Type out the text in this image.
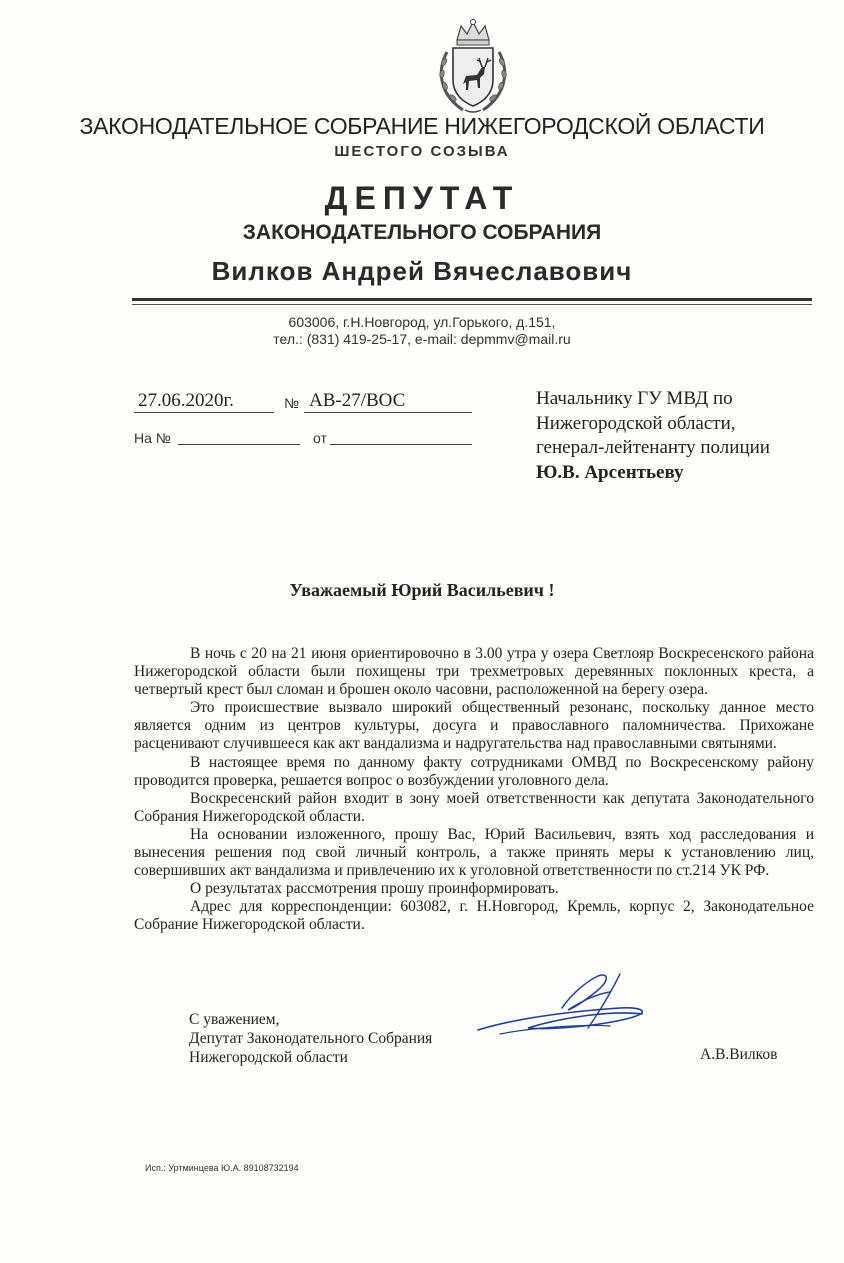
ЗАКОНОДАТЕЛЬНОЕ СОБРАНИЕ НИЖЕГОРОДСКОЙ ОБЛАСТИ
ШЕСТОГО СОЗЫВА
ДЕПУТАТ
ЗАКОНОДАТЕЛЬНОГО СОБРАНИЯ
Вилков Андрей Вячеславович
603006, г.Н.Новгород, ул.Горького, д.151,
тел.: (831) 419-25-17, e-mail: depmmv@mail.ru
27.06.2020г.	№ АВ-27/ВОС
На №	от
Начальнику ГУ МВД по
Нижегородской области,
генерал-лейтенанту полиции
Ю.В. Арсентьеву
Уважаемый Юрий Васильевич !

В ночь с 20 на 21 июня ориентировочно в 3.00 утра у озера Светлояр Воскресенского района Нижегородской области были похищены три трехметровых деревянных поклонных креста, а четвертый крест был сломан и брошен около часовни, расположенной на берегу озера.

Это происшествие вызвало широкий общественный резонанс, поскольку данное место является одним из центров культуры, досуга и православного паломничества. Прихожане расценивают случившееся как акт вандализма и надругательства над православными святынями.

В настоящее время по данному факту сотрудниками ОМВД по Воскресенскому району проводится проверка, решается вопрос о возбуждении уголовного дела.

Воскресенский район входит в зону моей ответственности как депутата Законодательного Собрания Нижегородской области.

На основании изложенного, прошу Вас, Юрий Васильевич, взять ход расследования и вынесения решения под свой личный контроль, а также принять меры к установлению лиц, совершивших акт вандализма и привлечению их к уголовной ответственности по ст.214 УК РФ.

О результатах рассмотрения прошу проинформировать.

Адрес для корреспонденции: 603082, г. Н.Новгород, Кремль, корпус 2, Законодательное Собрание Нижегородской области.

С уважением,
Депутат Законодательного Собрания
Нижегородской области	А.В.Вилков
Исп.: Уртминцева Ю.А. 89108732194
